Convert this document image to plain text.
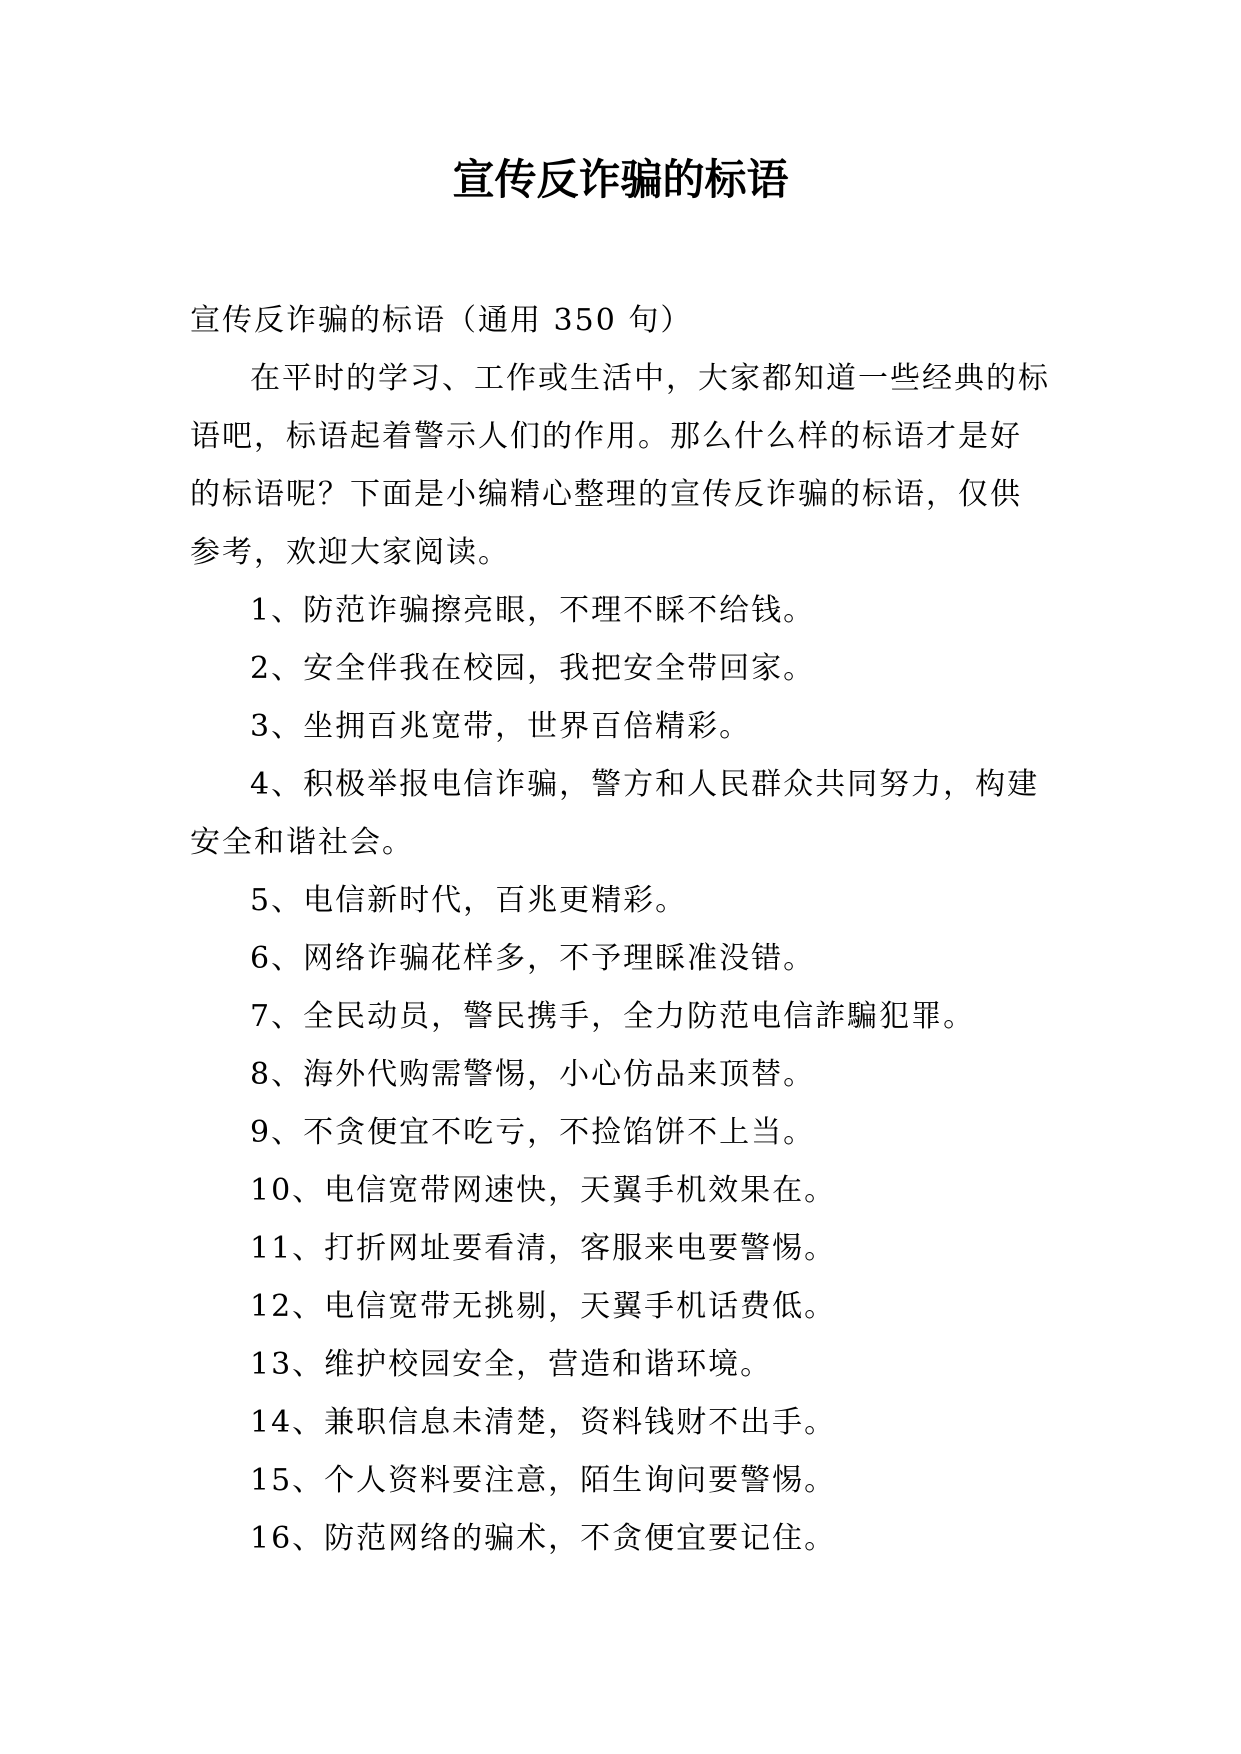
宣传反诈骗的标语

宣传反诈骗的标语（通用 350 句）

在平时的学习、工作或生活中，大家都知道一些经典的标语吧，标语起着警示人们的作用。那么什么样的标语才是好的标语呢？下面是小编精心整理的宣传反诈骗的标语，仅供参考，欢迎大家阅读。

1、防范诈骗擦亮眼，不理不睬不给钱。

2、安全伴我在校园，我把安全带回家。

3、坐拥百兆宽带，世界百倍精彩。

4、积极举报电信诈骗，警方和人民群众共同努力，构建安全和谐社会。

5、电信新时代，百兆更精彩。

6、网络诈骗花样多，不予理睬准没错。

7、全民动员，警民携手，全力防范电信詐騙犯罪。

8、海外代购需警惕，小心仿品来顶替。

9、不贪便宜不吃亏，不捡馅饼不上当。

10、电信宽带网速快，天翼手机效果在。

11、打折网址要看清，客服来电要警惕。

12、电信宽带无挑剔，天翼手机话费低。

13、维护校园安全，营造和谐环境。

14、兼职信息未清楚，资料钱财不出手。

15、个人资料要注意，陌生询问要警惕。

16、防范网络的骗术，不贪便宜要记住。
